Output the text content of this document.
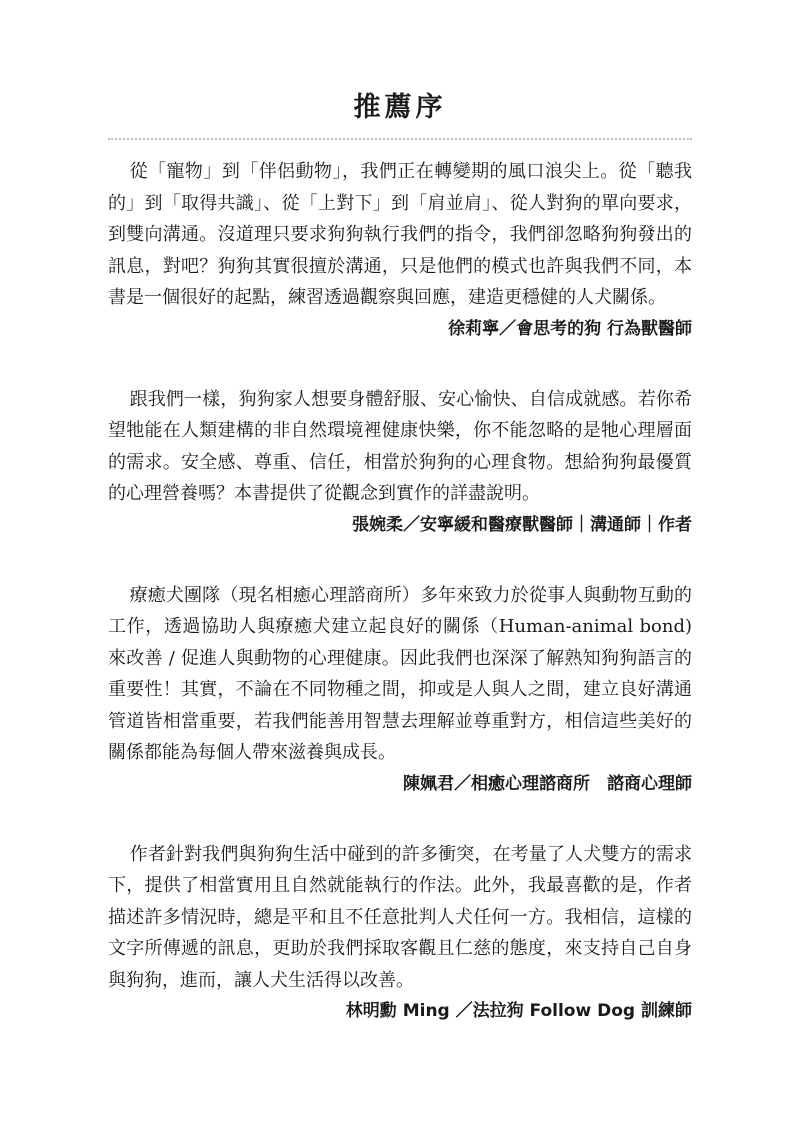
推薦序

從「寵物」到「伴侶動物」，我們正在轉變期的風口浪尖上。從「聽我的」到「取得共識」、從「上對下」到「肩並肩」、從人對狗的單向要求，到雙向溝通。沒道理只要求狗狗執行我們的指令，我們卻忽略狗狗發出的訊息，對吧？狗狗其實很擅於溝通，只是他們的模式也許與我們不同，本書是一個很好的起點，練習透過觀察與回應，建造更穩健的人犬關係。

徐莉寧／會思考的狗 行為獸醫師

跟我們一樣，狗狗家人想要身體舒服、安心愉快、自信成就感。若你希望牠能在人類建構的非自然環境裡健康快樂，你不能忽略的是牠心理層面的需求。安全感、尊重、信任，相當於狗狗的心理食物。想給狗狗最優質的心理營養嗎？本書提供了從觀念到實作的詳盡說明。

張婉柔／安寧緩和醫療獸醫師｜溝通師｜作者

療癒犬團隊（現名相癒心理諮商所）多年來致力於從事人與動物互動的工作，透過協助人與療癒犬建立起良好的關係（Human-animal bond) 來改善 / 促進人與動物的心理健康。因此我們也深深了解熟知狗狗語言的重要性！其實，不論在不同物種之間，抑或是人與人之間，建立良好溝通管道皆相當重要，若我們能善用智慧去理解並尊重對方，相信這些美好的關係都能為每個人帶來滋養與成長。

陳姵君／相癒心理諮商所　諮商心理師

作者針對我們與狗狗生活中碰到的許多衝突，在考量了人犬雙方的需求下，提供了相當實用且自然就能執行的作法。此外，我最喜歡的是，作者描述許多情況時，總是平和且不任意批判人犬任何一方。我相信，這樣的文字所傳遞的訊息，更助於我們採取客觀且仁慈的態度，來支持自己自身與狗狗，進而，讓人犬生活得以改善。

林明勳 Ming ／法拉狗 Follow Dog 訓練師
